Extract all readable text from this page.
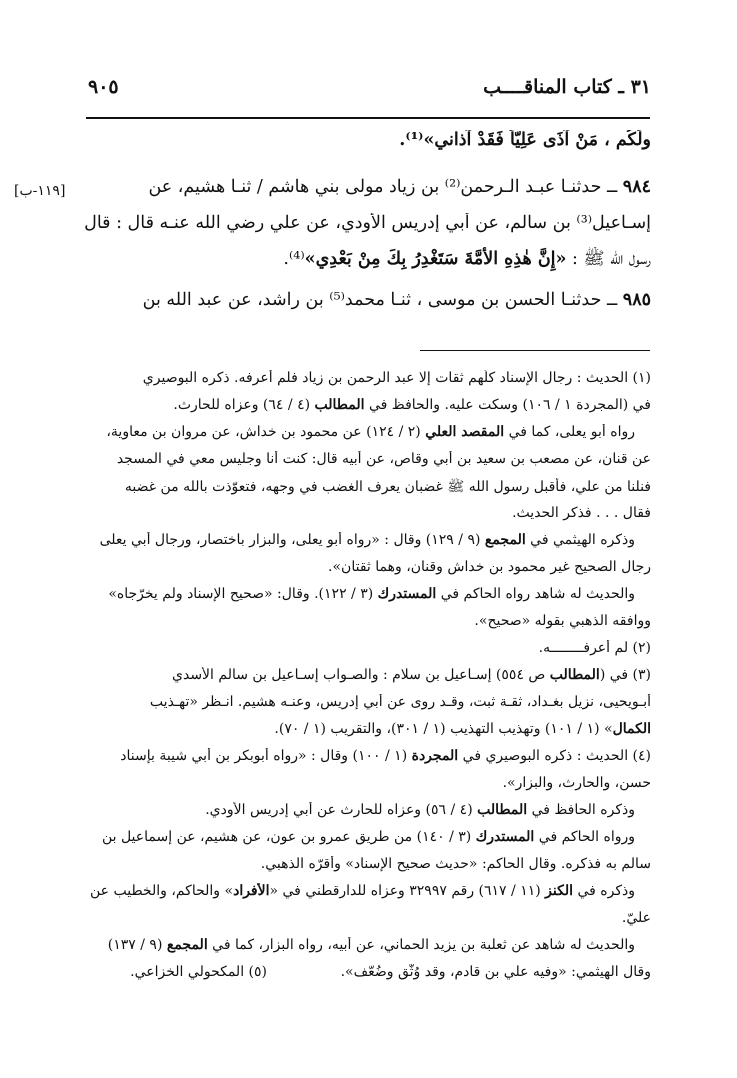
٣١ ـ كتاب المناقــــب
٩٠٥
ولَكُم ، مَنْ آذَى عَلِيّاً فَقَدْ آذاني»⁽¹⁾.
٩٨٤ ــ حدثنـا عبـد الـرحمن⁽²⁾ بن زياد مولى بني هاشم / ثنـا هشيم، عن
[١١٩-ب]
إسـاعيل⁽³⁾ بن سالم، عن أبي إدريس الأودي، عن علي رضي الله عنـه قال : قال
رسول الله ﷺ : «إِنَّ هٰذِهِ الأُمَّةَ سَتَغْدِرُ بِكَ مِنْ بَعْدِي»⁽⁴⁾.
٩٨٥ ــ حدثنـا الحسن بن موسى ، ثنـا محمد⁽⁵⁾ بن راشد، عن عبد الله بن
(١) الحديث : رجال الإسناد كلّهم ثقات إلا عبد الرحمن بن زياد فلم أعرفه. ذكره البوصيري
في (المجردة ١ / ١٠٦) وسكت عليه. والحافظ في المطالب (٤ / ٦٤) وعزاه للحارث.
رواه أبو يعلى، كما في المقصد العلي (٢ / ١٢٤) عن محمود بن خداش، عن مروان بن معاوية،
عن قنان، عن مصعب بن سعيد بن أبي وقاص، عن أبيه قال: كنت أنا وجليس معي في المسجد
فنلنا من علي، فأقبل رسول الله ﷺ غضبان يعرف الغضب في وجهه، فتعوّذت بالله من غضبه
فقال . . . فذكر الحديث.
وذكره الهيثمي في المجمع (٩ / ١٢٩) وقال : «رواه أبو يعلى، والبزار باختصار، ورجال أبي يعلى
رجال الصحيح غير محمود بن خداش وقنان، وهما ثقتان».
والحديث له شاهد رواه الحاكم في المستدرك (٣ / ١٢٢). وقال: «صحيح الإسناد ولم يخرّجاه»
ووافقه الذهبي بقوله «صحيح».
(٢) لم أعرفــــــــه.
(٣) في (المطالب ص ٥٥٤) إسـاعيل بن سلام : والصـواب إسـاعيل بن سالم الأسدي
أبـويحيى، نزيل بغـداد، ثقـة ثبت، وقـد روى عن أبي إدريس، وعنـه هشيم. انـظر «تهـذيب
الكمال» (١ / ١٠١) وتهذيب التهذيب (١ / ٣٠١)، والتقريب (١ / ٧٠).
(٤) الحديث : ذكره البوصيري في المجردة (١ / ١٠٠) وقال : «رواه أبوبكر بن أبي شيبة بإسناد
حسن، والحارث، والبزار».
وذكره الحافظ في المطالب (٤ / ٥٦) وعزاه للحارث عن أبي إدريس الأودي.
ورواه الحاكم في المستدرك (٣ / ١٤٠) من طريق عمرو بن عون، عن هشيم، عن إسماعيل بن
سالم به فذكره. وقال الحاكم: «حديث صحيح الإسناد» وأقرّه الذهبي.
وذكره في الكنز (١١ / ٦١٧) رقم ٣٢٩٩٧ وعزاه للدارقطني في «الأفراد» والحاكم، والخطيب عن
عليّ.
والحديث له شاهد عن ثعلبة بن يزيد الحماني، عن أبيه، رواه البزار، كما في المجمع (٩ / ١٣٧)
وقال الهيثمي: «وفيه علي بن قادم، وقد وُثّق وضُعّف».
(٥) المكحولي الخزاعي.
